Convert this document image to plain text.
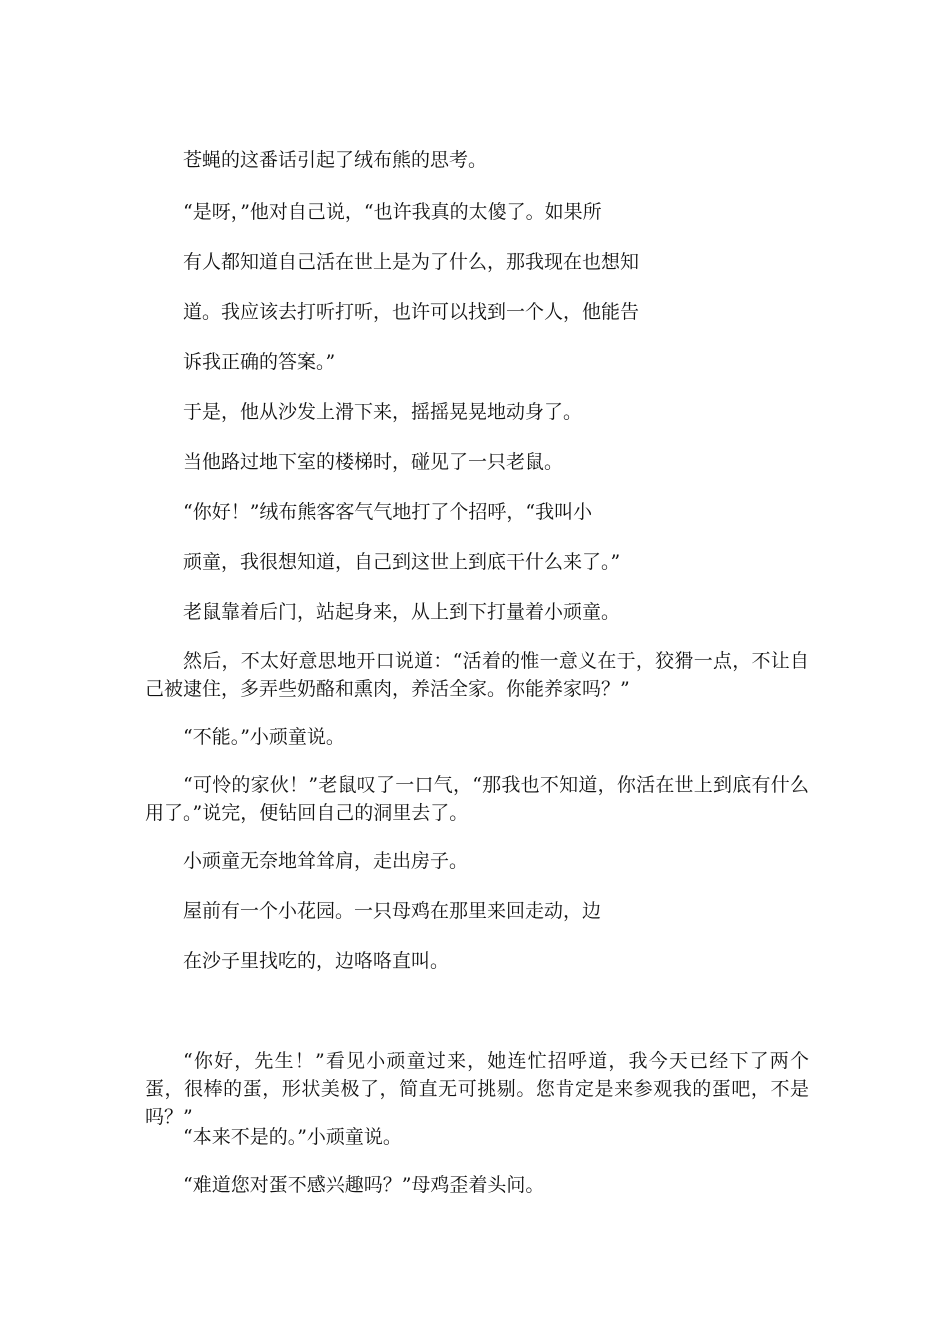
苍蝇的这番话引起了绒布熊的思考。

“是呀，”他对自己说，“也许我真的太傻了。如果所

有人都知道自己活在世上是为了什么，那我现在也想知

道。我应该去打听打听，也许可以找到一个人，他能告

诉我正确的答案。”

于是，他从沙发上滑下来，摇摇晃晃地动身了。

当他路过地下室的楼梯时，碰见了一只老鼠。

“你好！”绒布熊客客气气地打了个招呼，“我叫小

顽童，我很想知道，自己到这世上到底干什么来了。”

老鼠靠着后门，站起身来，从上到下打量着小顽童。

然后，不太好意思地开口说道：“活着的惟一意义在于，狡猾一点，不让自己被逮住，多弄些奶酪和熏肉，养活全家。你能养家吗？”

“不能。”小顽童说。

“可怜的家伙！”老鼠叹了一口气，“那我也不知道，你活在世上到底有什么用了。”说完，便钻回自己的洞里去了。

小顽童无奈地耸耸肩，走出房子。

屋前有一个小花园。一只母鸡在那里来回走动，边

在沙子里找吃的，边咯咯直叫。

“你好，先生！”看见小顽童过来，她连忙招呼道，我今天已经下了两个蛋，很棒的蛋，形状美极了，简直无可挑剔。您肯定是来参观我的蛋吧，不是吗？”

“本来不是的。”小顽童说。

“难道您对蛋不感兴趣吗？”母鸡歪着头问。
